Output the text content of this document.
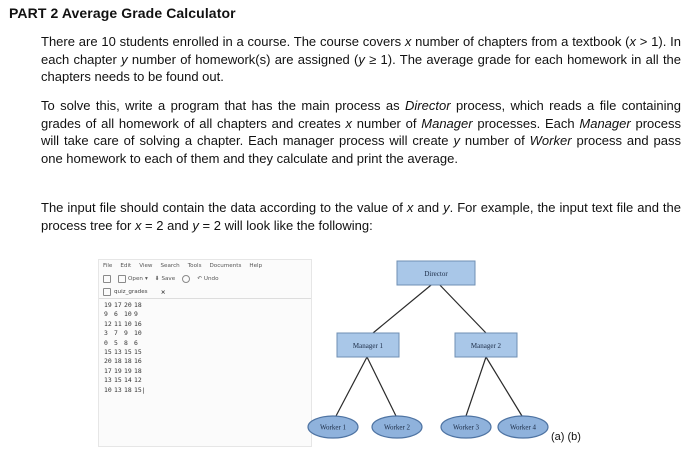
PART 2 Average Grade Calculator
There are 10 students enrolled in a course. The course covers x number of chapters from a textbook (x > 1). In each chapter y number of homework(s) are assigned (y ≥ 1). The average grade for each homework in all the chapters needs to be found out.
To solve this, write a program that has the main process as Director process, which reads a file containing grades of all homework of all chapters and creates x number of Manager processes. Each Manager process will take care of solving a chapter. Each manager process will create y number of Worker process and pass one homework to each of them and they calculate and print the average.
The input file should contain the data according to the value of x and y. For example, the input text file and the process tree for x = 2 and y = 2 will look like the following:
File Edit View Search Tools Documents Help
Open ▾ ⬇ Save	↶ Undo
quiz_grades ×
19 17 20 18
9 6 10 9
12 11 10 16
3 7 9 10
0 5 8 6
15 13 15 15
20 18 18 16
17 19 19 18
13 15 14 12
10 13 18 15|
Director
Manager 1	Manager 2
Worker 1	Worker 2	Worker 3	Worker 4
(a) (b)
